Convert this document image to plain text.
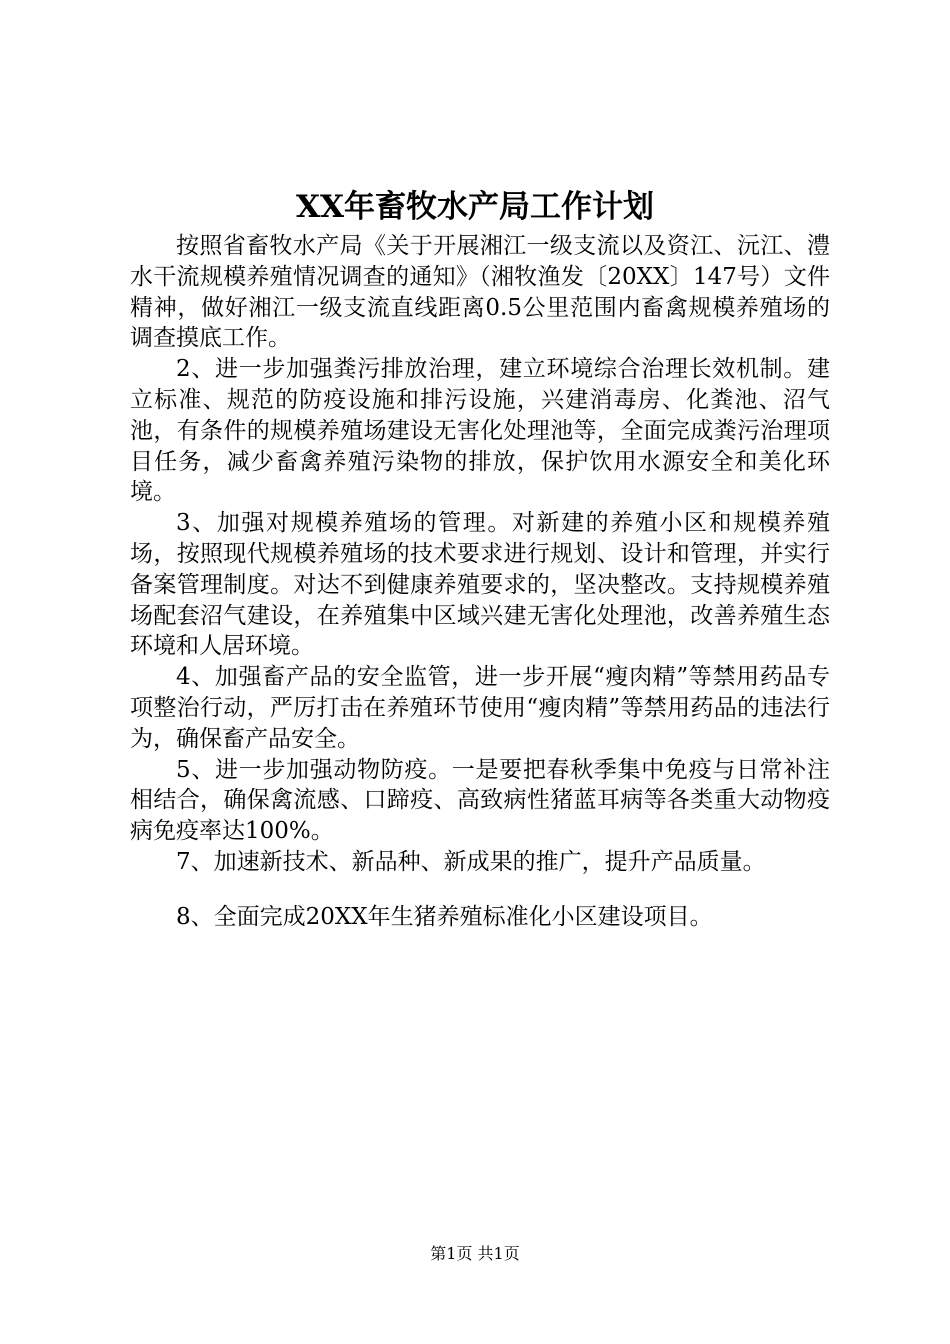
XX年畜牧水产局工作计划

按照省畜牧水产局《关于开展湘江一级支流以及资江、沅江、澧水干流规模养殖情况调查的通知》（湘牧渔发〔20XX〕147号）文件精神，做好湘江一级支流直线距离0.5公里范围内畜禽规模养殖场的调查摸底工作。

2、进一步加强粪污排放治理，建立环境综合治理长效机制。建立标准、规范的防疫设施和排污设施，兴建消毒房、化粪池、沼气池，有条件的规模养殖场建设无害化处理池等，全面完成粪污治理项目任务，减少畜禽养殖污染物的排放，保护饮用水源安全和美化环境。

3、加强对规模养殖场的管理。对新建的养殖小区和规模养殖场，按照现代规模养殖场的技术要求进行规划、设计和管理，并实行备案管理制度。对达不到健康养殖要求的，坚决整改。支持规模养殖场配套沼气建设，在养殖集中区域兴建无害化处理池，改善养殖生态环境和人居环境。

4、加强畜产品的安全监管，进一步开展“瘦肉精”等禁用药品专项整治行动，严厉打击在养殖环节使用“瘦肉精”等禁用药品的违法行为，确保畜产品安全。

5、进一步加强动物防疫。一是要把春秋季集中免疫与日常补注相结合，确保禽流感、口蹄疫、高致病性猪蓝耳病等各类重大动物疫病免疫率达100%。

7、加速新技术、新品种、新成果的推广，提升产品质量。

8、全面完成20XX年生猪养殖标准化小区建设项目。

第1页 共1页
